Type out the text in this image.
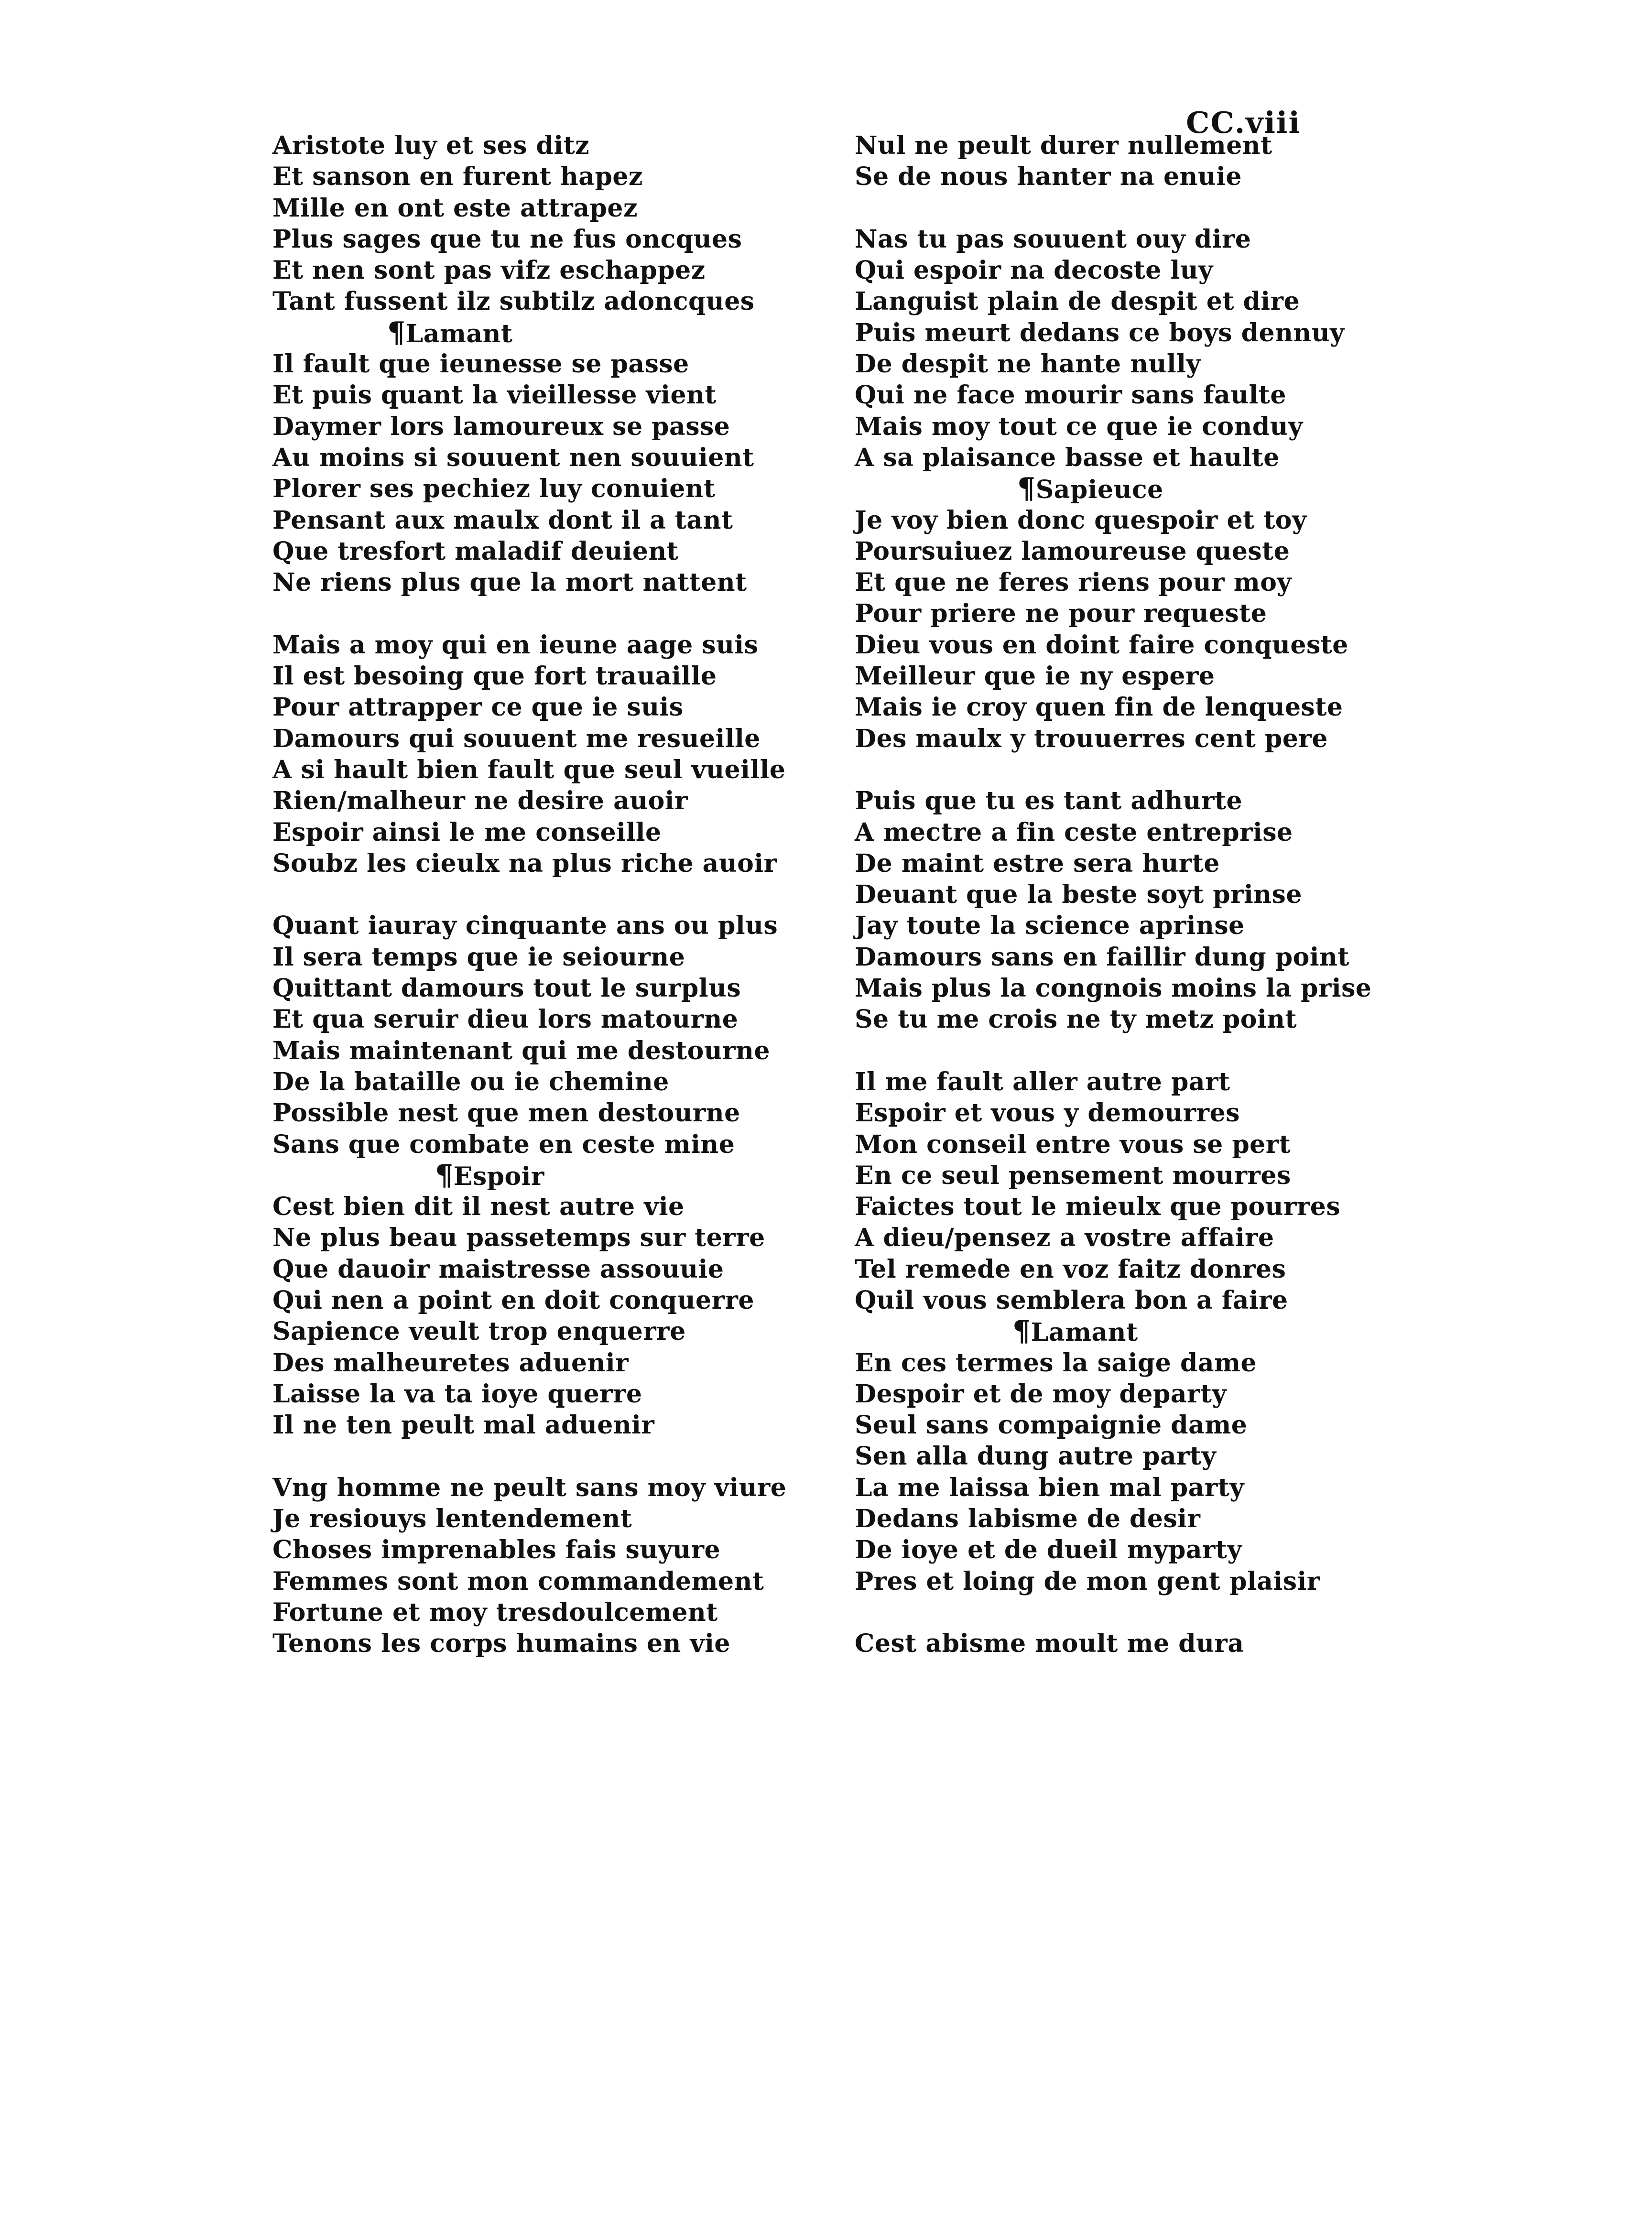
CC.viii
Aristote luy et ses ditz
Et sanson en furent hapez
Mille en ont este attrapez
Plus sages que tu ne fus oncques
Et nen sont pas vifz eschappez
Tant fussent ilz subtilz adoncques
¶Lamant
Il fault que ieunesse se passe
Et puis quant la vieillesse vient
Daymer lors lamoureux se passe
Au moins si souuent nen souuient
Plorer ses pechiez luy conuient
Pensant aux maulx dont il a tant
Que tresfort maladif deuient
Ne riens plus que la mort nattent
Mais a moy qui en ieune aage suis
Il est besoing que fort trauaille
Pour attrapper ce que ie suis
Damours qui souuent me resueille
A si hault bien fault que seul vueille
Rien/malheur ne desire auoir
Espoir ainsi le me conseille
Soubz les cieulx na plus riche auoir
Quant iauray cinquante ans ou plus
Il sera temps que ie seiourne
Quittant damours tout le surplus
Et qua seruir dieu lors matourne
Mais maintenant qui me destourne
De la bataille ou ie chemine
Possible nest que men destourne
Sans que combate en ceste mine
¶Espoir
Cest bien dit il nest autre vie
Ne plus beau passetemps sur terre
Que dauoir maistresse assouuie
Qui nen a point en doit conquerre
Sapience veult trop enquerre
Des malheuretes aduenir
Laisse la va ta ioye querre
Il ne ten peult mal aduenir
Vng homme ne peult sans moy viure
Je resiouys lentendement
Choses imprenables fais suyure
Femmes sont mon commandement
Fortune et moy tresdoulcement
Tenons les corps humains en vie
Nul ne peult durer nullement
Se de nous hanter na enuie
Nas tu pas souuent ouy dire
Qui espoir na decoste luy
Languist plain de despit et dire
Puis meurt dedans ce boys dennuy
De despit ne hante nully
Qui ne face mourir sans faulte
Mais moy tout ce que ie conduy
A sa plaisance basse et haulte
¶Sapieuce
Je voy bien donc quespoir et toy
Poursuiuez lamoureuse queste
Et que ne feres riens pour moy
Pour priere ne pour requeste
Dieu vous en doint faire conqueste
Meilleur que ie ny espere
Mais ie croy quen fin de lenqueste
Des maulx y trouuerres cent pere
Puis que tu es tant adhurte
A mectre a fin ceste entreprise
De maint estre sera hurte
Deuant que la beste soyt prinse
Jay toute la science aprinse
Damours sans en faillir dung point
Mais plus la congnois moins la prise
Se tu me crois ne ty metz point
Il me fault aller autre part
Espoir et vous y demourres
Mon conseil entre vous se pert
En ce seul pensement mourres
Faictes tout le mieulx que pourres
A dieu/pensez a vostre affaire
Tel remede en voz faitz donres
Quil vous semblera bon a faire
¶Lamant
En ces termes la saige dame
Despoir et de moy departy
Seul sans compaignie dame
Sen alla dung autre party
La me laissa bien mal party
Dedans labisme de desir
De ioye et de dueil myparty
Pres et loing de mon gent plaisir
Cest abisme moult me dura
